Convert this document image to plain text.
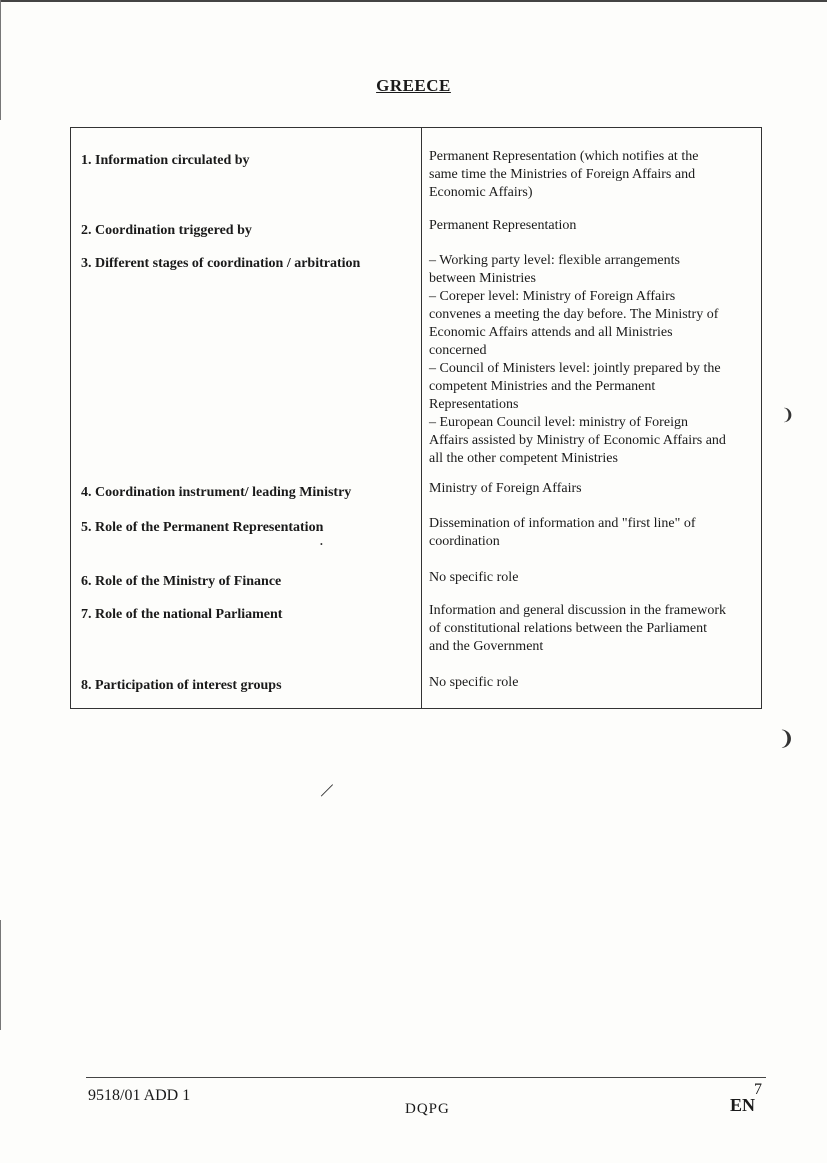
GREECE
1. Information circulated by	Permanent Representation (which notifies at the
same time the Ministries of Foreign Affairs and
Economic Affairs)
2. Coordination triggered by	Permanent Representation
3. Different stages of coordination / arbitration	– Working party level: flexible arrangements
between Ministries
– Coreper level: Ministry of Foreign Affairs
convenes a meeting the day before. The Ministry of
Economic Affairs attends and all Ministries
concerned
– Council of Ministers level: jointly prepared by the
competent Ministries and the Permanent
Representations
– European Council level: ministry of Foreign
Affairs assisted by Ministry of Economic Affairs and
all the other competent Ministries
4. Coordination instrument/ leading Ministry	Ministry of Foreign Affairs
5. Role of the Permanent Representation	Dissemination of information and "first line" of
coordination
6. Role of the Ministry of Finance	No specific role
7. Role of the national Parliament	Information and general discussion in the framework
of constitutional relations between the Parliament
and the Government
8. Participation of interest groups	No specific role
❩
❩
|
•
9518/01 ADD 1
DQPG
7
EN
